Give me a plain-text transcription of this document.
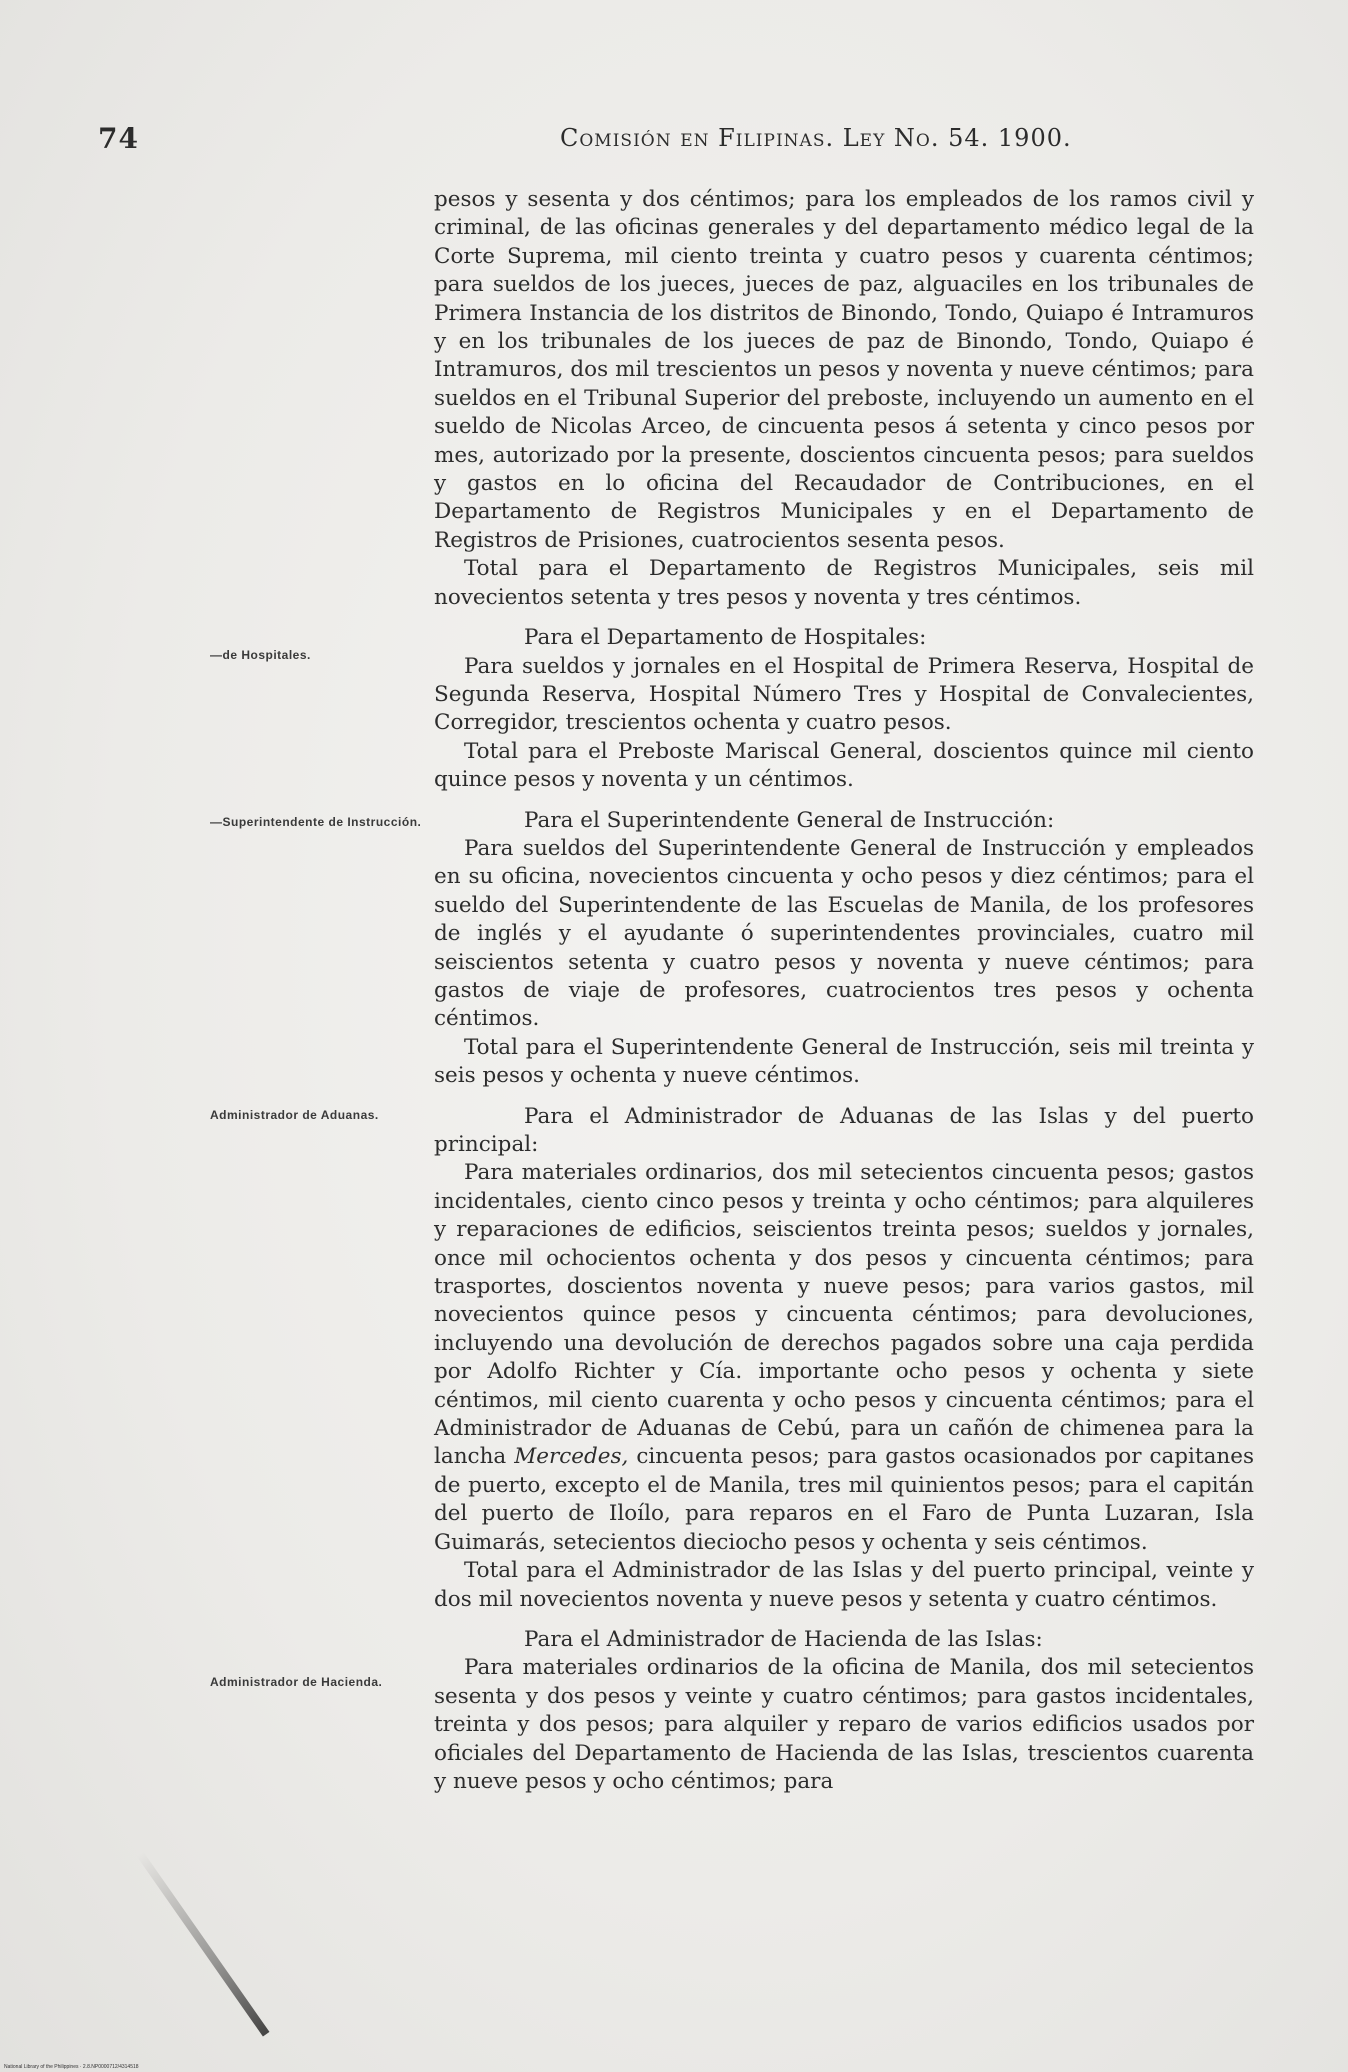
74	Comisión en Filipinas. Ley No. 54. 1900.
—de Hospitales.
—Superintendente de Instrucción.
Administrador de Aduanas.
Administrador de Hacienda.

pesos y sesenta y dos céntimos; para los empleados de los ramos civil y criminal, de las oficinas generales y del departamento médico legal de la Corte Suprema, mil ciento treinta y cuatro pesos y cuarenta céntimos; para sueldos de los jueces, jueces de paz, alguaciles en los tribunales de Primera Instancia de los distritos de Binondo, Tondo, Quiapo é Intramuros y en los tribunales de los jueces de paz de Binondo, Tondo, Quiapo é Intramuros, dos mil trescientos un pesos y noventa y nueve céntimos; para sueldos en el Tribunal Superior del preboste, incluyendo un aumento en el sueldo de Nicolas Arceo, de cincuenta pesos á setenta y cinco pesos por mes, autorizado por la presente, doscientos cincuenta pesos; para sueldos y gastos en lo oficina del Recaudador de Contribuciones, en el Departamento de Registros Municipales y en el Departamento de Registros de Prisiones, cuatrocientos sesenta pesos.

Total para el Departamento de Registros Municipales, seis mil novecientos setenta y tres pesos y noventa y tres céntimos.

Para el Departamento de Hospitales:

Para sueldos y jornales en el Hospital de Primera Reserva, Hospital de Segunda Reserva, Hospital Número Tres y Hospital de Convalecientes, Corregidor, trescientos ochenta y cuatro pesos.

Total para el Preboste Mariscal General, doscientos quince mil ciento quince pesos y noventa y un céntimos.

Para el Superintendente General de Instrucción:

Para sueldos del Superintendente General de Instrucción y empleados en su oficina, novecientos cincuenta y ocho pesos y diez céntimos; para el sueldo del Superintendente de las Escuelas de Manila, de los profesores de inglés y el ayudante ó superintendentes provinciales, cuatro mil seiscientos setenta y cuatro pesos y noventa y nueve céntimos; para gastos de viaje de profesores, cuatrocientos tres pesos y ochenta céntimos.

Total para el Superintendente General de Instrucción, seis mil treinta y seis pesos y ochenta y nueve céntimos.

Para el Administrador de Aduanas de las Islas y del puerto principal:

Para materiales ordinarios, dos mil setecientos cincuenta pesos; gastos incidentales, ciento cinco pesos y treinta y ocho céntimos; para alquileres y reparaciones de edificios, seiscientos treinta pesos; sueldos y jornales, once mil ochocientos ochenta y dos pesos y cincuenta céntimos; para trasportes, doscientos noventa y nueve pesos; para varios gastos, mil novecientos quince pesos y cincuenta céntimos; para devoluciones, incluyendo una devolución de derechos pagados sobre una caja perdida por Adolfo Richter y Cía. importante ocho pesos y ochenta y siete céntimos, mil ciento cuarenta y ocho pesos y cincuenta céntimos; para el Administrador de Aduanas de Cebú, para un cañón de chimenea para la lancha Mercedes, cincuenta pesos; para gastos ocasionados por capitanes de puerto, excepto el de Manila, tres mil quinientos pesos; para el capitán del puerto de Iloílo, para reparos en el Faro de Punta Luzaran, Isla Guimarás, setecientos dieciocho pesos y ochenta y seis céntimos.

Total para el Administrador de las Islas y del puerto principal, veinte y dos mil novecientos noventa y nueve pesos y setenta y cuatro céntimos.

Para el Administrador de Hacienda de las Islas:

Para materiales ordinarios de la oficina de Manila, dos mil setecientos sesenta y dos pesos y veinte y cuatro céntimos; para gastos incidentales, treinta y dos pesos; para alquiler y reparo de varios edificios usados por oficiales del Departamento de Hacienda de las Islas, trescientos cuarenta y nueve pesos y ocho céntimos; para

National Library of the Philippines · 2.8.NP0000712/4314518
